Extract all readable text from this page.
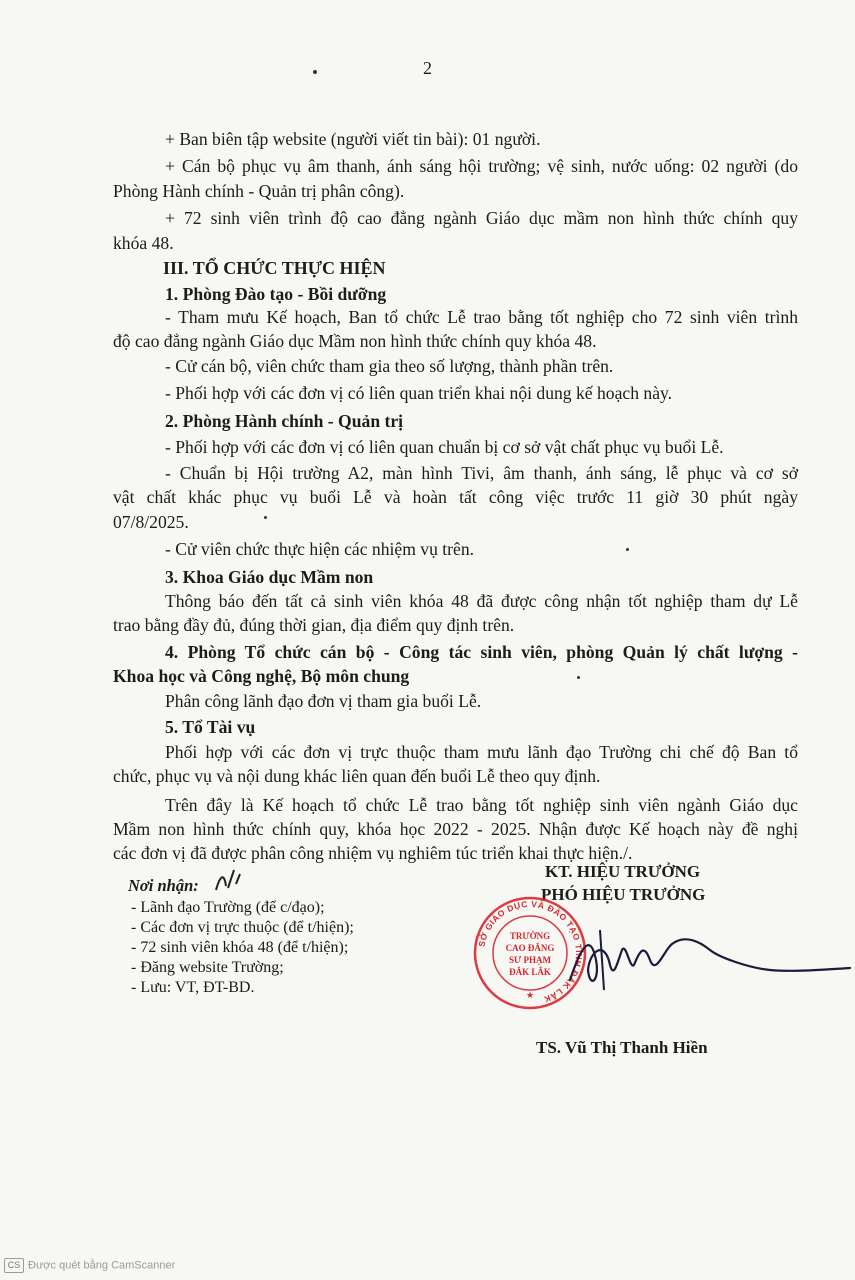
2
+ Ban biên tập website (người viết tin bài): 01 người.
+ Cán bộ phục vụ âm thanh, ánh sáng hội trường; vệ sinh, nước uống: 02 người (do
Phòng Hành chính - Quản trị phân công).
+ 72 sinh viên trình độ cao đẳng ngành Giáo dục mầm non hình thức chính quy
khóa 48.
III. TỔ CHỨC THỰC HIỆN
1. Phòng Đào tạo - Bồi dưỡng
- Tham mưu Kế hoạch, Ban tổ chức Lễ trao bằng tốt nghiệp cho 72 sinh viên trình
độ cao đẳng ngành Giáo dục Mầm non hình thức chính quy khóa 48.
- Cử cán bộ, viên chức tham gia theo số lượng, thành phần trên.
- Phối hợp với các đơn vị có liên quan triển khai nội dung kế hoạch này.
2. Phòng Hành chính - Quản trị
- Phối hợp với các đơn vị có liên quan chuẩn bị cơ sở vật chất phục vụ buổi Lễ.
- Chuẩn bị Hội trường A2, màn hình Tivi, âm thanh, ánh sáng, lễ phục và cơ sở
vật chất khác phục vụ buổi Lễ và hoàn tất công việc trước 11 giờ 30 phút ngày
07/8/2025.
- Cử viên chức thực hiện các nhiệm vụ trên.
3. Khoa Giáo dục Mầm non
Thông báo đến tất cả sinh viên khóa 48 đã được công nhận tốt nghiệp tham dự Lễ
trao bằng đầy đủ, đúng thời gian, địa điểm quy định trên.
4. Phòng Tổ chức cán bộ - Công tác sinh viên, phòng Quản lý chất lượng -
Khoa học và Công nghệ, Bộ môn chung
Phân công lãnh đạo đơn vị tham gia buổi Lễ.
5. Tổ Tài vụ
Phối hợp với các đơn vị trực thuộc tham mưu lãnh đạo Trường chi chế độ Ban tổ
chức, phục vụ và nội dung khác liên quan đến buổi Lễ theo quy định.
Trên đây là Kế hoạch tổ chức Lễ trao bằng tốt nghiệp sinh viên ngành Giáo dục
Mầm non hình thức chính quy, khóa học 2022 - 2025. Nhận được Kế hoạch này đề nghị
các đơn vị đã được phân công nhiệm vụ nghiêm túc triển khai thực hiện./.
Nơi nhận:
- Lãnh đạo Trường (để c/đạo);
- Các đơn vị trực thuộc (để t/hiện);
- 72 sinh viên khóa 48 (để t/hiện);
- Đăng website Trường;
- Lưu: VT, ĐT-BD.
KT. HIỆU TRƯỞNG
PHÓ HIỆU TRƯỞNG
SỞ GIÁO DỤC VÀ ĐÀO TẠO TỈNH ĐẮK LẮK
TRƯỜNG
CAO ĐẲNG
SƯ PHẠM
ĐẮK LẮK
★
TS. Vũ Thị Thanh Hiền
CS Được quét bằng CamScanner
